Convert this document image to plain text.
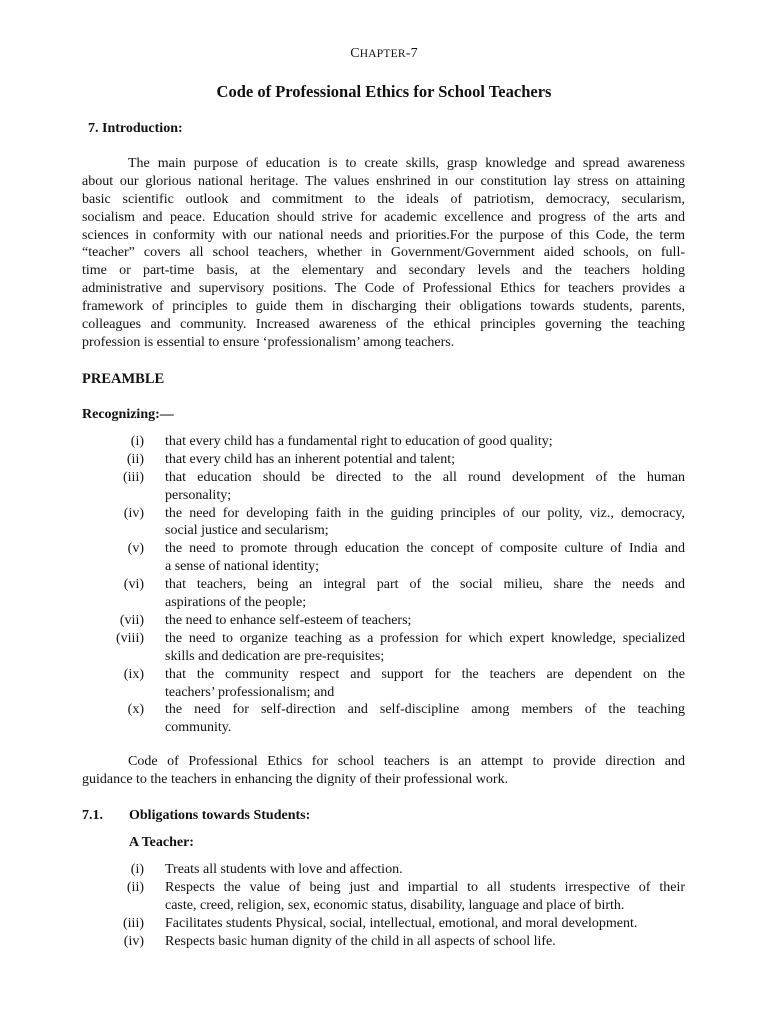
CHAPTER-7
Code of Professional Ethics for School Teachers
7. Introduction:
The main purpose of education is to create skills, grasp knowledge and spread awareness
about our glorious national heritage. The values enshrined in our constitution lay stress on attaining
basic scientific outlook and commitment to the ideals of patriotism, democracy, secularism,
socialism and peace. Education should strive for academic excellence and progress of the arts and
sciences in conformity with our national needs and priorities.For the purpose of this Code, the term
“teacher” covers all school teachers, whether in Government/Government aided schools, on full-
time or part-time basis, at the elementary and secondary levels and the teachers holding
administrative and supervisory positions. The Code of Professional Ethics for teachers provides a
framework of principles to guide them in discharging their obligations towards students, parents,
colleagues and community. Increased awareness of the ethical principles governing the teaching
profession is essential to ensure ‘professionalism’ among teachers.
PREAMBLE
Recognizing:—
(i) that every child has a fundamental right to education of good quality;
(ii) that every child has an inherent potential and talent;
(iii) that education should be directed to the all round development of the human
personality;
(iv) the need for developing faith in the guiding principles of our polity, viz., democracy,
social justice and secularism;
(v) the need to promote through education the concept of composite culture of India and
a sense of national identity;
(vi) that teachers, being an integral part of the social milieu, share the needs and
aspirations of the people;
(vii) the need to enhance self-esteem of teachers;
(viii) the need to organize teaching as a profession for which expert knowledge, specialized
skills and dedication are pre-requisites;
(ix) that the community respect and support for the teachers are dependent on the
teachers’ professionalism; and
(x) the need for self-direction and self-discipline among members of the teaching
community.
Code of Professional Ethics for school teachers is an attempt to provide direction and
guidance to the teachers in enhancing the dignity of their professional work.
7.1. Obligations towards Students:
A Teacher:
(i) Treats all students with love and affection.
(ii) Respects the value of being just and impartial to all students irrespective of their
caste, creed, religion, sex, economic status, disability, language and place of birth.
(iii) Facilitates students Physical, social, intellectual, emotional, and moral development.
(iv) Respects basic human dignity of the child in all aspects of school life.
